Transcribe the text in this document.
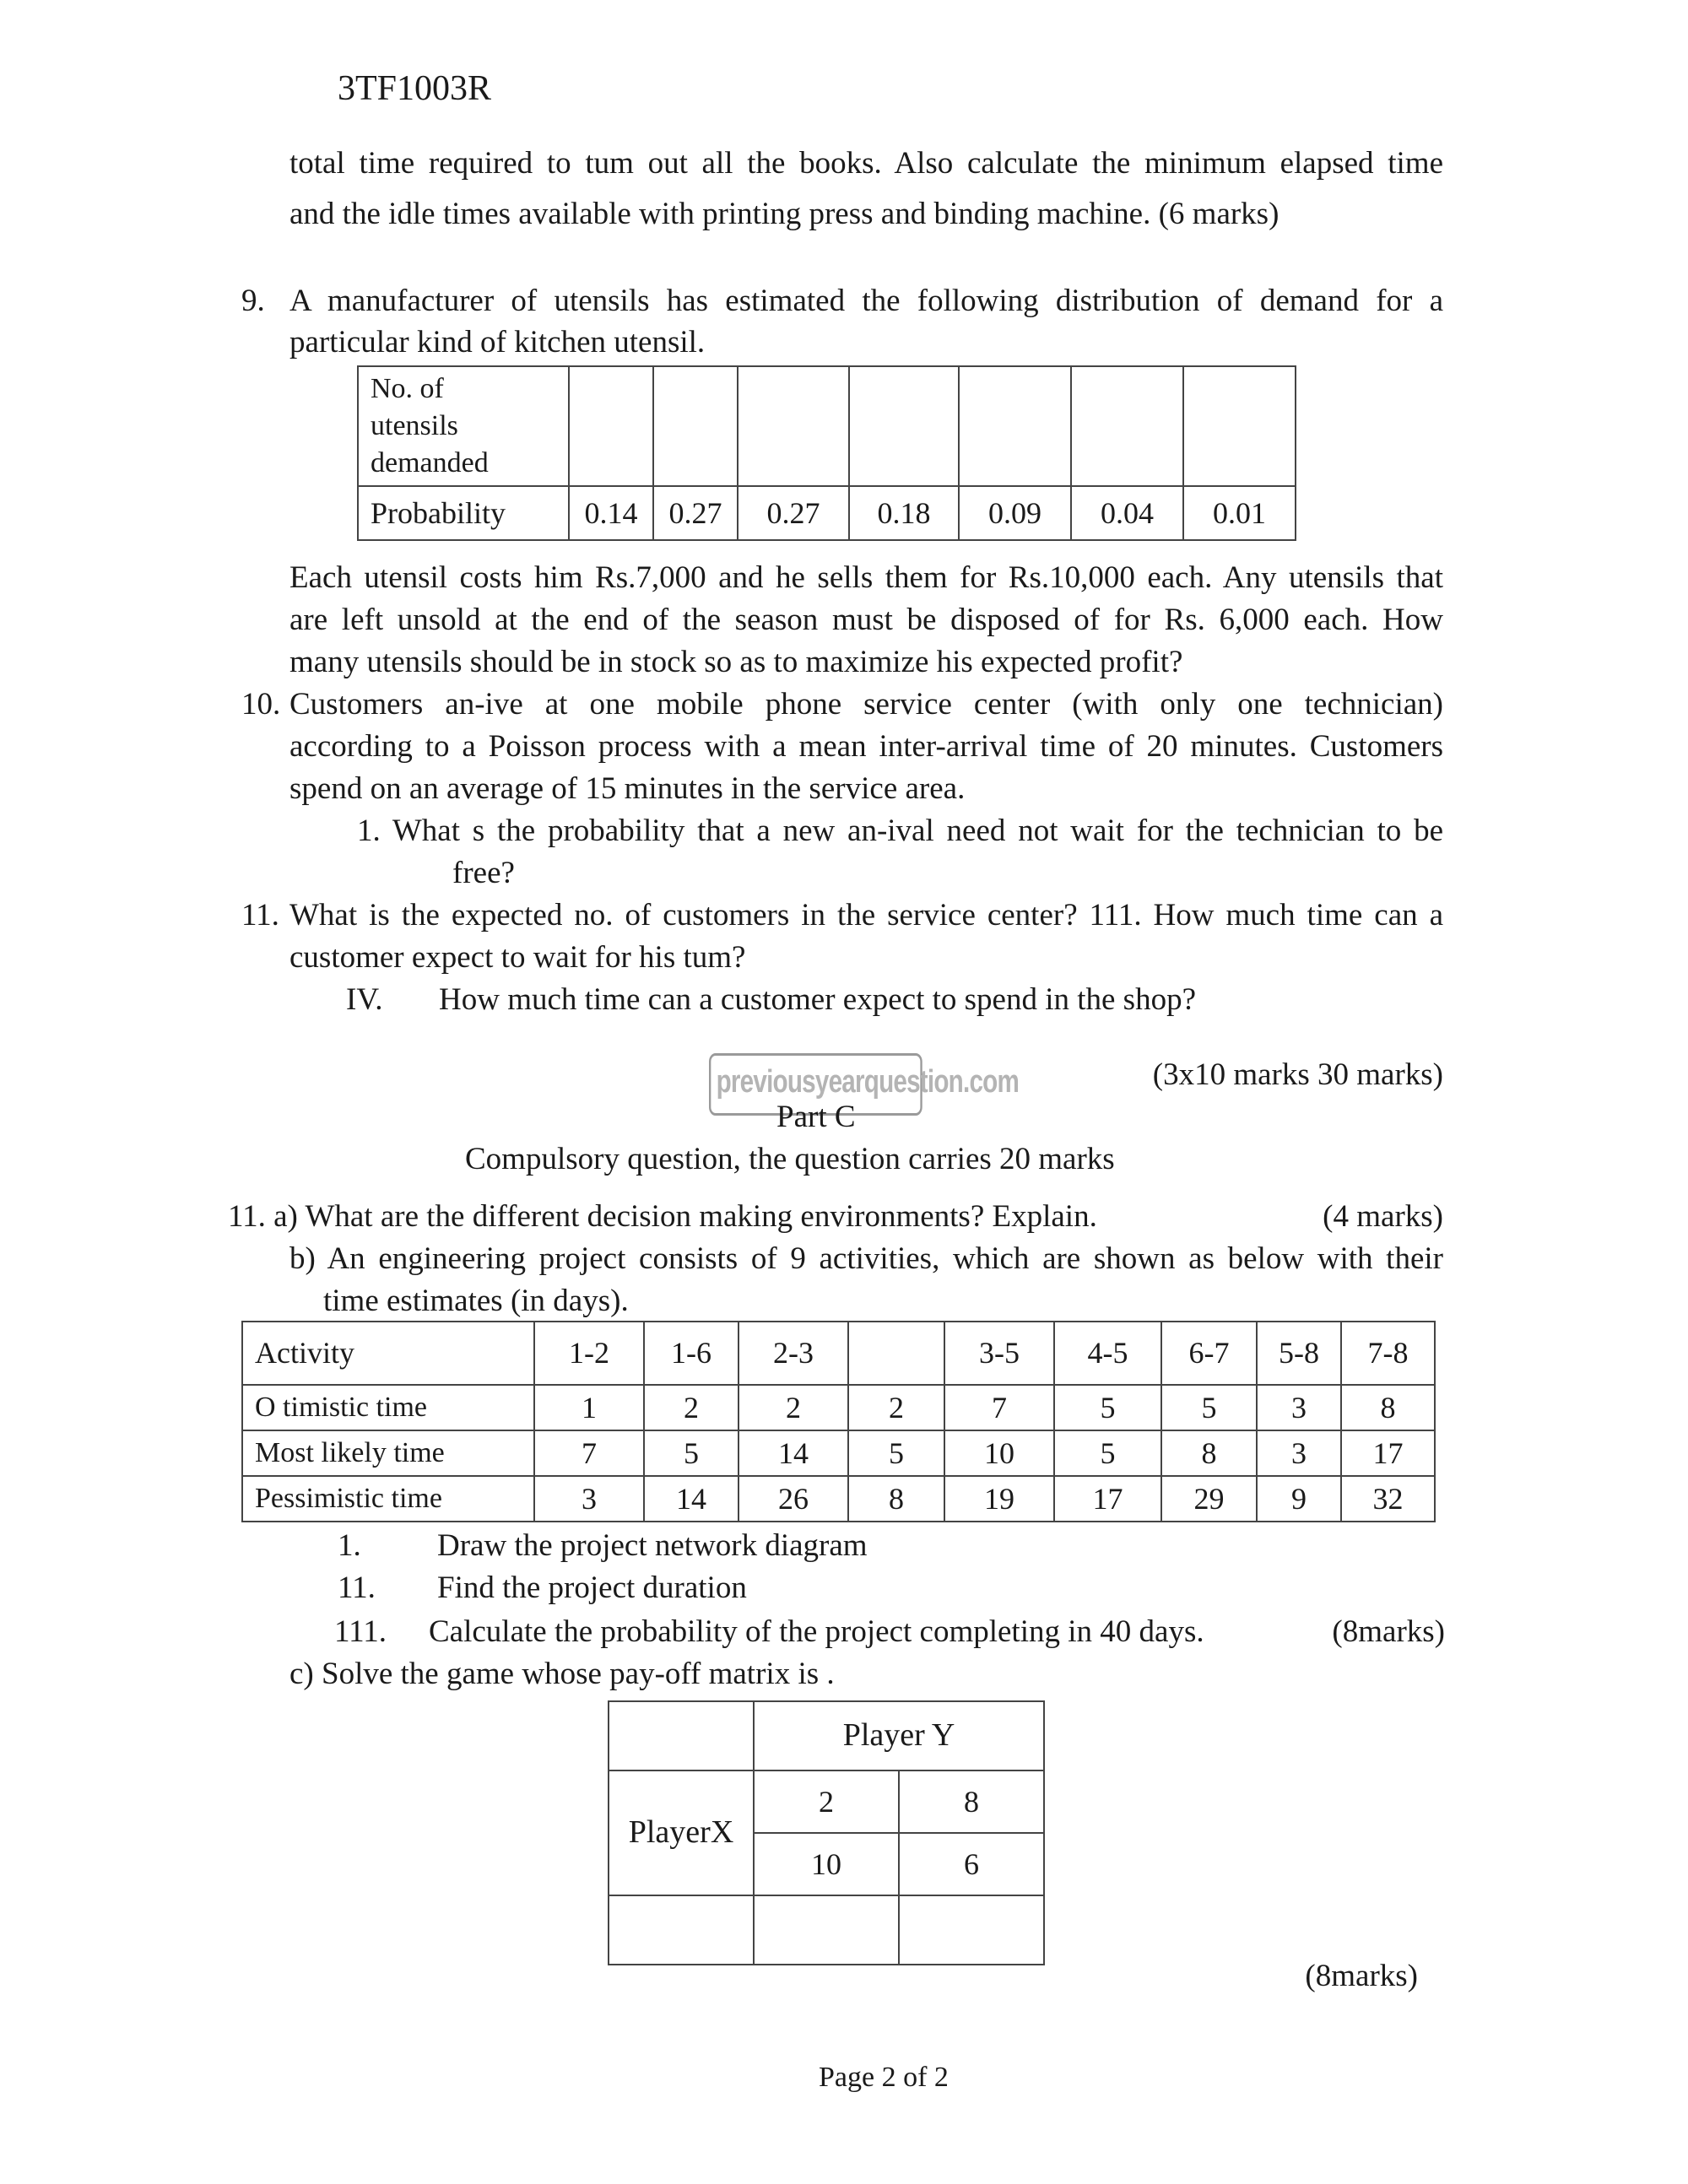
3TF1003R
total time required to tum out all the books. Also calculate the minimum elapsed time
and the idle times available with printing press and binding machine. (6 marks)
9. A manufacturer of utensils has estimated the following distribution of demand for a
particular kind of kitchen utensil.
No. of
utensils
demanded							

Probability	0.14	0.27	0.27	0.18	0.09	0.04	0.01
Each utensil costs him Rs.7,000 and he sells them for Rs.10,000 each. Any utensils that
are left unsold at the end of the season must be disposed of for Rs. 6,000 each. How
many utensils should be in stock so as to maximize his expected profit?
10. Customers an-ive at one mobile phone service center (with only one technician)
according to a Poisson process with a mean inter-arrival time of 20 minutes. Customers
spend on an average of 15 minutes in the service area.
1. What s the probability that a new an-ival need not wait for the technician to be
free?
11. What is the expected no. of customers in the service center? 111. How much time can a
customer expect to wait for his tum?
IV. How much time can a customer expect to spend in the shop?
previousyearquestion.com	(3x10 marks 30 marks)
Part C
Compulsory question, the question carries 20 marks
11. a) What are the different decision making environments? Explain.	(4 marks)
b) An engineering project consists of 9 activities, which are shown as below with their
time estimates (in days).
Activity	1-2	1-6	2-3		3-5	4-5	6-7	5-8	7-8
O timistic time	1	2	2	2	7	5	5	3	8
Most likely time	7	5	14	5	10	5	8	3	17
Pessimistic time	3	14	26	8	19	17	29	9	32
1. Draw the project network diagram
11. Find the project duration
111. Calculate the probability of the project completing in 40 days.	(8marks)
c) Solve the game whose pay-off matrix is .
	Player Y	
PlayerX	2	8
	10	6

(8marks)
Page 2 of 2
